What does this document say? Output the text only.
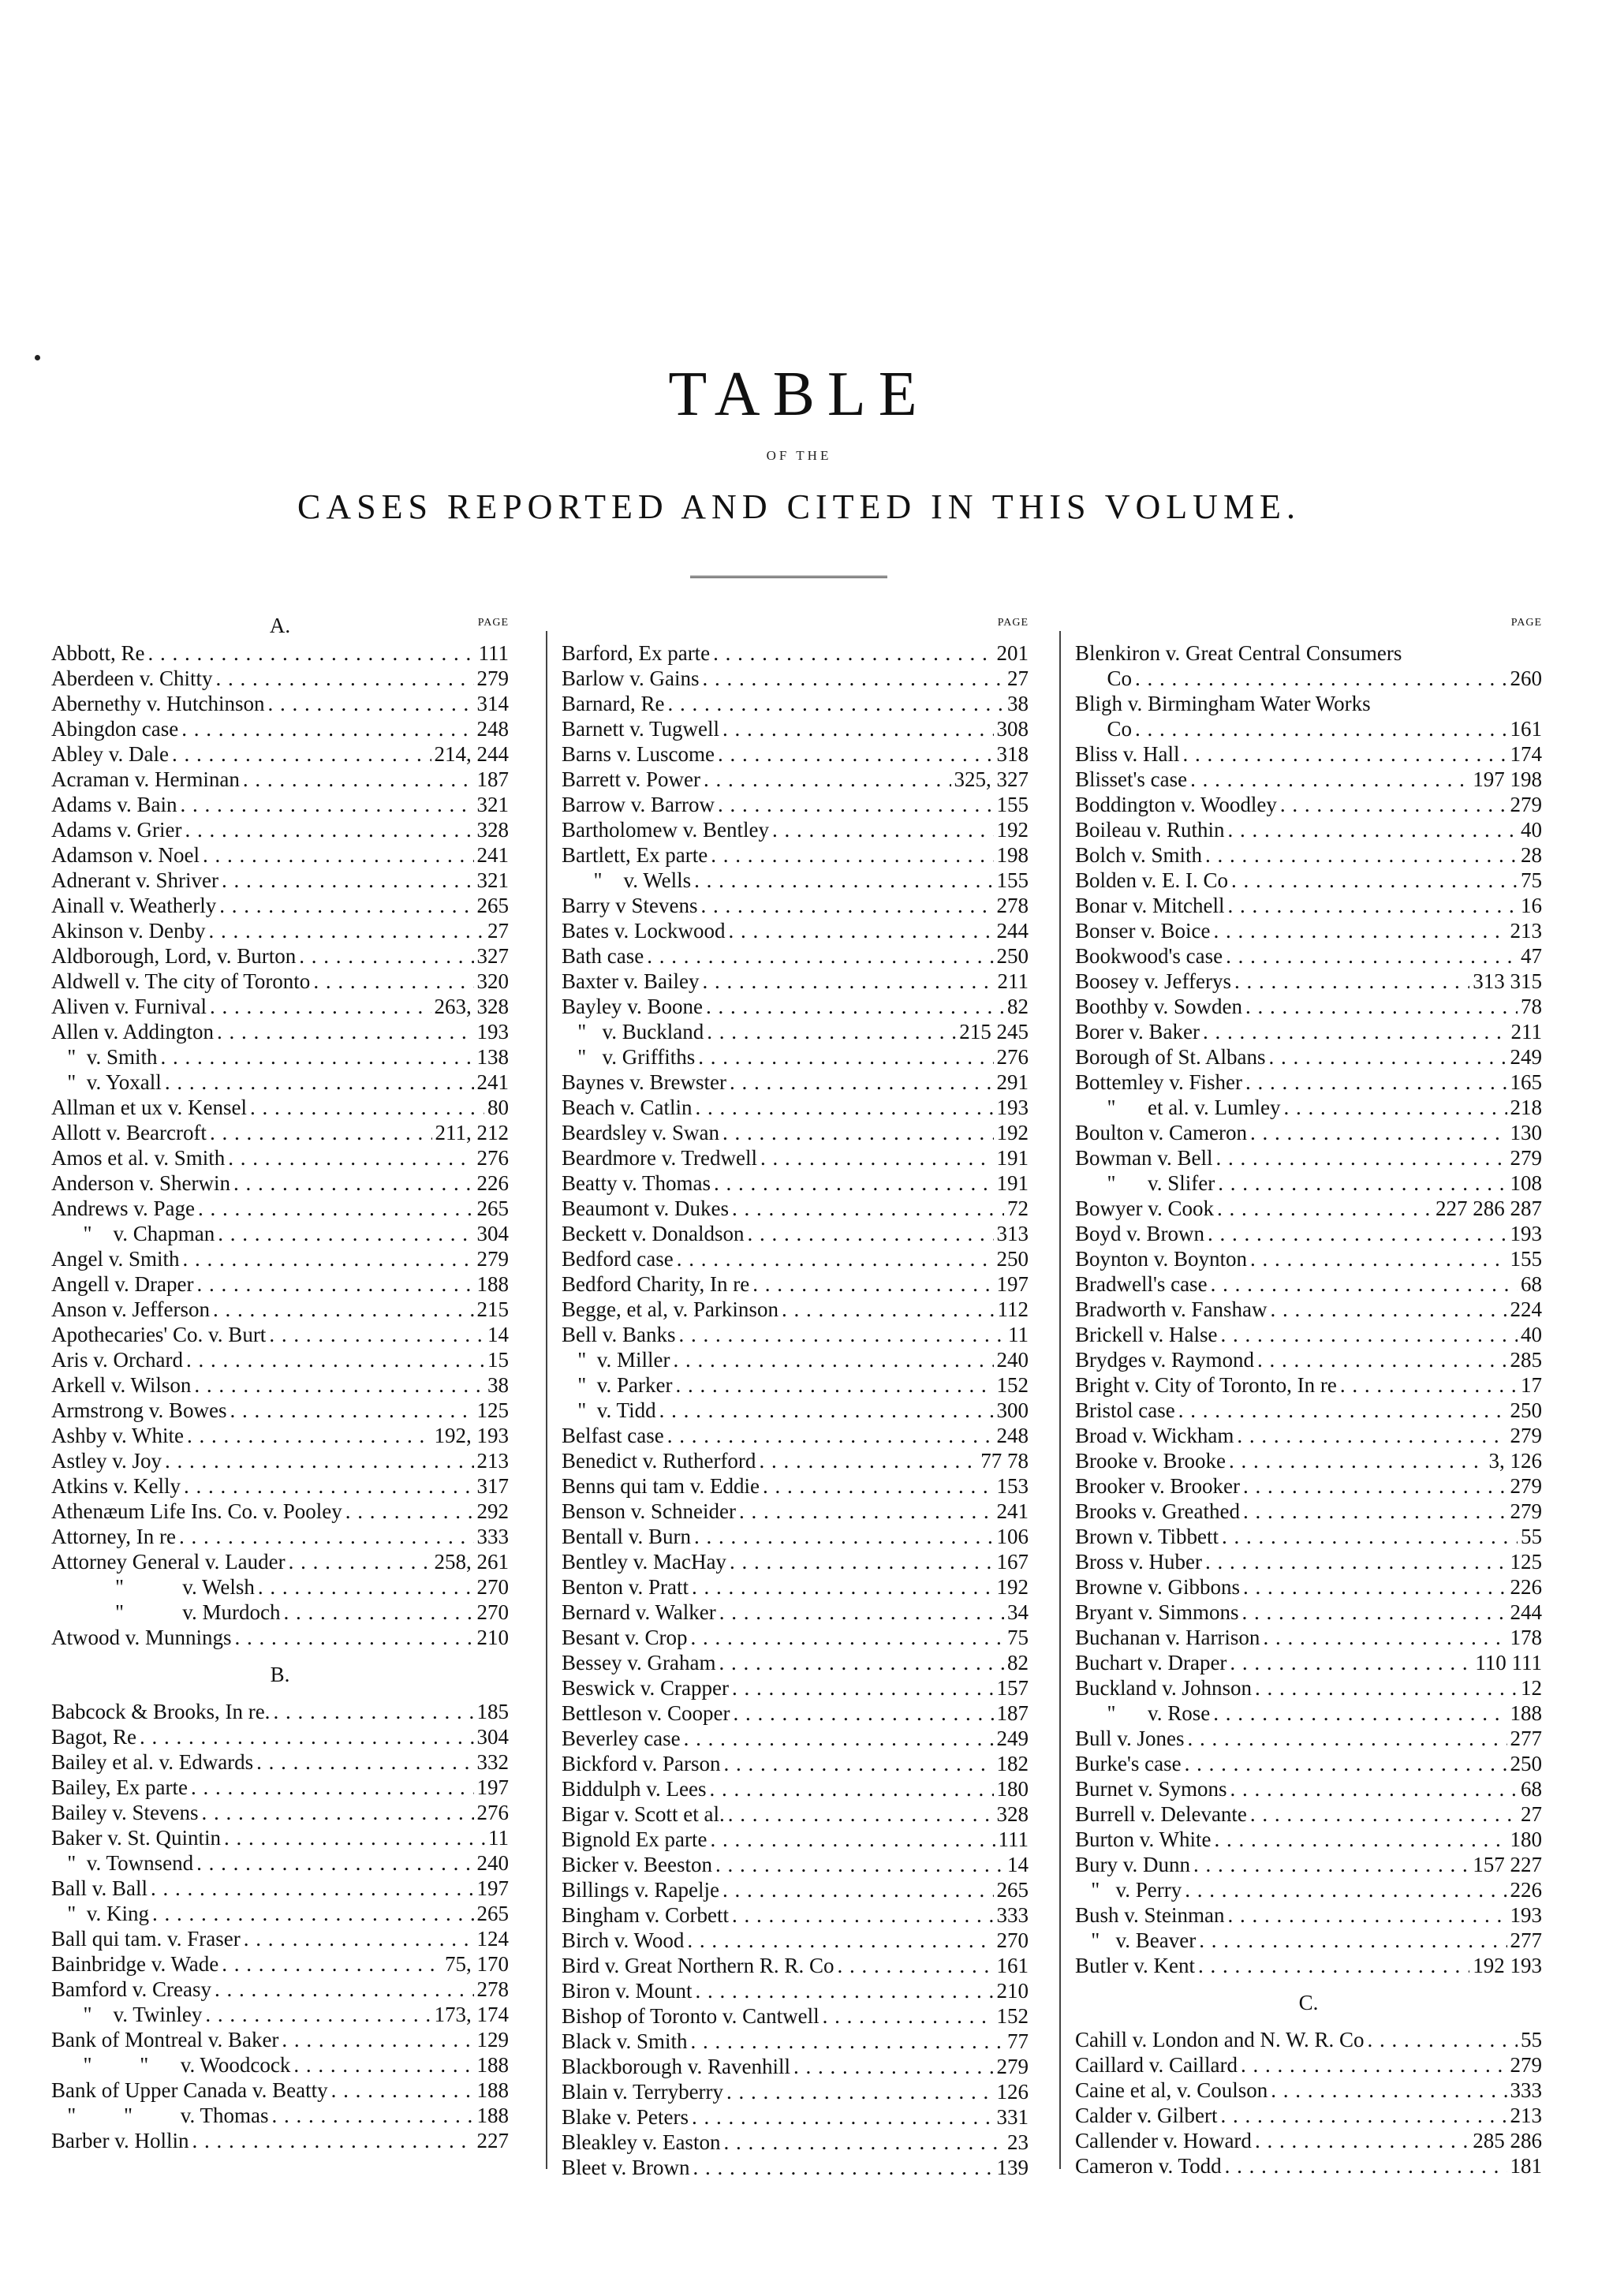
TABLE
OF THE
CASES REPORTED AND CITED IN THIS VOLUME.
A.	PAGE
Abbott, Re . . .	111
Aberdeen v. Chitty . . .	279
Abernethy v. Hutchinson . . .	314
Abingdon case . . .	248
Abley v. Dale . . .	214, 244
Acraman v. Herminan . . .	187
Adams v. Bain . . .	321
Adams v. Grier . . .	328
Adamson v. Noel . . .	241
Adnerant v. Shriver . . .	321
Ainall v. Weatherly . . .	265
Akinson v. Denby . . .	27
Aldborough, Lord, v. Burton . . .	327
Aldwell v. The city of Toronto . . .	320
Aliven v. Furnival . . .	263, 328
Allen v. Addington . . .	193
"  v. Smith . . .	138
"  v. Yoxall . . .	241
Allman et ux v. Kensel . . .	80
Allott v. Bearcroft . . .	211, 212
Amos et al. v. Smith . . .	276
Anderson v. Sherwin . . .	226
Andrews v. Page . . .	265
"    v. Chapman . . .	304
Angel v. Smith . . .	279
Angell v. Draper . . .	188
Anson v. Jefferson . . .	215
Apothecaries' Co. v. Burt . . .	14
Aris v. Orchard . . .	15
Arkell v. Wilson . . .	38
Armstrong v. Bowes . . .	125
Ashby v. White . . .	192, 193
Astley v. Joy . . .	213
Atkins v. Kelly . . .	317
Athenæum Life Ins. Co. v. Pooley . . .	292
Attorney, In re . . .	333
Attorney General v. Lauder . . .	258, 261
"           v. Welsh . . .	270
"           v. Murdoch . . .	270
Atwood v. Munnings . . .	210
B.
Babcock & Brooks, In re. . . .	185
Bagot, Re . . .	304
Bailey et al. v. Edwards . . .	332
Bailey, Ex parte . . .	197
Bailey v. Stevens . . .	276
Baker v. St. Quintin . . .	11
"  v. Townsend . . .	240
Ball v. Ball . . .	197
"  v. King . . .	265
Ball qui tam. v. Fraser . . .	124
Bainbridge v. Wade . . .	75, 170
Bamford v. Creasy . . .	278
"    v. Twinley . . .	173, 174
Bank of Montreal v. Baker . . .	129
"         "      v. Woodcock . . .	188
Bank of Upper Canada v. Beatty . . .	188
"         "         v. Thomas . . .	188
Barber v. Hollin . . .	227
PAGE
Barford, Ex parte . . .	201
Barlow v. Gains . . .	27
Barnard, Re . . .	38
Barnett v. Tugwell . . .	308
Barns v. Luscome . . .	318
Barrett v. Power . . .	325, 327
Barrow v. Barrow . . .	155
Bartholomew v. Bentley . . .	192
Bartlett, Ex parte . . .	198
"    v. Wells . . .	155
Barry v Stevens . . .	278
Bates v. Lockwood . . .	244
Bath case . . .	250
Baxter v. Bailey . . .	211
Bayley v. Boone . . .	82
"   v. Buckland . . .	215 245
"   v. Griffiths . . .	276
Baynes v. Brewster . . .	291
Beach v. Catlin . . .	193
Beardsley v. Swan . . .	192
Beardmore v. Tredwell . . .	191
Beatty v. Thomas . . .	191
Beaumont v. Dukes . . .	72
Beckett v. Donaldson . . .	313
Bedford case . . .	250
Bedford Charity, In re . . .	197
Begge, et al, v. Parkinson . . .	112
Bell v. Banks . . .	11
"  v. Miller . . .	240
"  v. Parker . . .	152
"  v. Tidd . . .	300
Belfast case . . .	248
Benedict v. Rutherford . . .	77 78
Benns qui tam v. Eddie . . .	153
Benson v. Schneider . . .	241
Bentall v. Burn . . .	106
Bentley v. MacHay . . .	167
Benton v. Pratt . . .	192
Bernard v. Walker . . .	34
Besant v. Crop . . .	75
Bessey v. Graham . . .	82
Beswick v. Crapper . . .	157
Bettleson v. Cooper . . .	187
Beverley case . . .	249
Bickford v. Parson . . .	182
Biddulph v. Lees . . .	180
Bigar v. Scott et al. . . .	328
Bignold Ex parte . . .	111
Bicker v. Beeston . . .	14
Billings v. Rapelje . . .	265
Bingham v. Corbett . . .	333
Birch v. Wood . . .	270
Bird v. Great Northern R. R. Co . . .	161
Biron v. Mount . . .	210
Bishop of Toronto v. Cantwell . . .	152
Black v. Smith . . .	77
Blackborough v. Ravenhill . . .	279
Blain v. Terryberry . . .	126
Blake v. Peters . . .	331
Bleakley v. Easton . . .	23
Bleet v. Brown . . .	139
PAGE
Blenkiron v. Great Central Consumers
Co . . .	260
Bligh v. Birmingham Water Works
Co . . .	161
Bliss v. Hall . . .	174
Blisset's case . . .	197 198
Boddington v. Woodley . . .	279
Boileau v. Ruthin . . .	40
Bolch v. Smith . . .	28
Bolden v. E. I. Co . . .	75
Bonar v. Mitchell . . .	16
Bonser v. Boice . . .	213
Bookwood's case . . .	47
Boosey v. Jefferys . . .	313 315
Boothby v. Sowden . . .	78
Borer v. Baker . . .	211
Borough of St. Albans . . .	249
Bottemley v. Fisher . . .	165
"      et al. v. Lumley . . .	218
Boulton v. Cameron . . .	130
Bowman v. Bell . . .	279
"      v. Slifer . . .	108
Bowyer v. Cook . . .	227 286 287
Boyd v. Brown . . .	193
Boynton v. Boynton . . .	155
Bradwell's case . . .	68
Bradworth v. Fanshaw . . .	224
Brickell v. Halse . . .	40
Brydges v. Raymond . . .	285
Bright v. City of Toronto, In re . . .	17
Bristol case . . .	250
Broad v. Wickham . . .	279
Brooke v. Brooke . . .	3, 126
Brooker v. Brooker . . .	279
Brooks v. Greathed . . .	279
Brown v. Tibbett . . .	55
Bross v. Huber . . .	125
Browne v. Gibbons . . .	226
Bryant v. Simmons . . .	244
Buchanan v. Harrison . . .	178
Buchart v. Draper . . .	110 111
Buckland v. Johnson . . .	12
"      v. Rose . . .	188
Bull v. Jones . . .	277
Burke's case . . .	250
Burnet v. Symons . . .	68
Burrell v. Delevante . . .	27
Burton v. White . . .	180
Bury v. Dunn . . .	157 227
"   v. Perry . . .	226
Bush v. Steinman . . .	193
"   v. Beaver . . .	277
Butler v. Kent . . .	192 193
C.
Cahill v. London and N. W. R. Co . . .	55
Caillard v. Caillard . . .	279
Caine et al, v. Coulson . . .	333
Calder v. Gilbert . . .	213
Callender v. Howard . . .	285 286
Cameron v. Todd . . .	181
